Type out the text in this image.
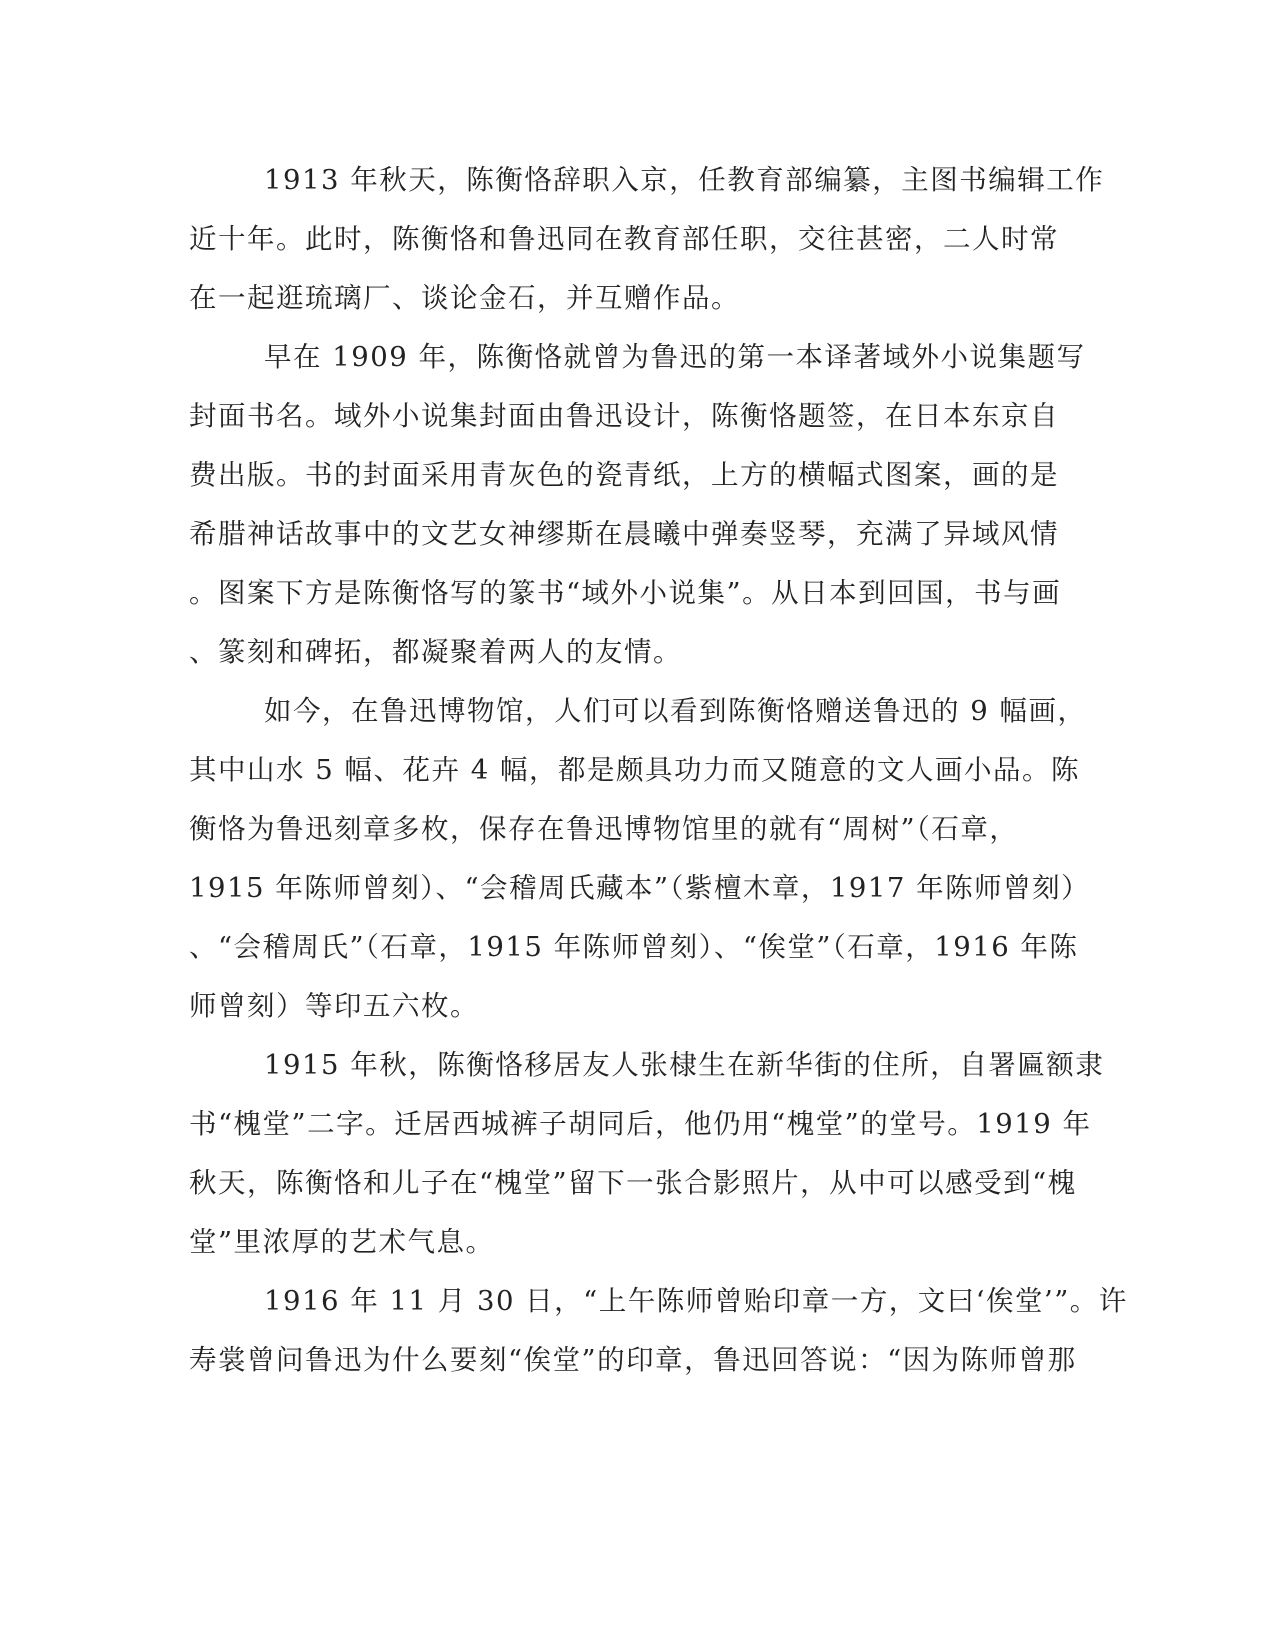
1913 年秋天，陈衡恪辞职入京，任教育部编纂，主图书编辑工作
近十年。此时，陈衡恪和鲁迅同在教育部任职，交往甚密，二人时常
在一起逛琉璃厂、谈论金石，并互赠作品。
早在 1909 年，陈衡恪就曾为鲁迅的第一本译著域外小说集题写
封面书名。域外小说集封面由鲁迅设计，陈衡恪题签，在日本东京自
费出版。书的封面采用青灰色的瓷青纸，上方的横幅式图案，画的是
希腊神话故事中的文艺女神缪斯在晨曦中弹奏竖琴，充满了异域风情
。图案下方是陈衡恪写的篆书“域外小说集”。从日本到回国，书与画
、篆刻和碑拓，都凝聚着两人的友情。
如今，在鲁迅博物馆，人们可以看到陈衡恪赠送鲁迅的 9 幅画，
其中山水 5 幅、花卉 4 幅，都是颇具功力而又随意的文人画小品。陈
衡恪为鲁迅刻章多枚，保存在鲁迅博物馆里的就有“周树”（石章，
1915 年陈师曾刻）、“会稽周氏藏本”（紫檀木章，1917 年陈师曾刻）
、“会稽周氏”（石章，1915 年陈师曾刻）、“俟堂”（石章，1916 年陈
师曾刻）等印五六枚。
1915 年秋，陈衡恪移居友人张棣生在新华街的住所，自署匾额隶
书“槐堂”二字。迁居西城裤子胡同后，他仍用“槐堂”的堂号。1919 年
秋天，陈衡恪和儿子在“槐堂”留下一张合影照片，从中可以感受到“槐
堂”里浓厚的艺术气息。
1916 年 11 月 30 日，“上午陈师曾贻印章一方，文曰‘俟堂’”。许
寿裳曾问鲁迅为什么要刻“俟堂”的印章，鲁迅回答说：“因为陈师曾那
